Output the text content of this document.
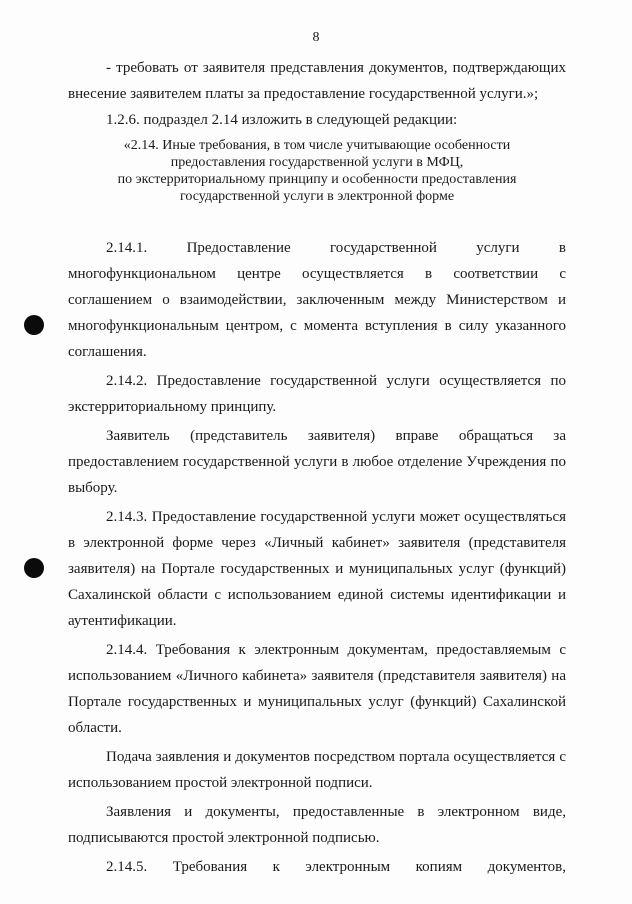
8

- требовать от заявителя представления документов, подтверждающих внесение заявителем платы за предоставление государственной услуги.»;

1.2.6. подраздел 2.14 изложить в следующей редакции:

«2.14. Иные требования, в том числе учитывающие особенности
предоставления государственной услуги в МФЦ,
по экстерриториальному принципу и особенности предоставления
государственной услуги в электронной форме

2.14.1. Предоставление государственной услуги в многофункциональном центре осуществляется в соответствии с соглашением о взаимодействии, заключенным между Министерством и многофункциональным центром, с момента вступления в силу указанного соглашения.

2.14.2. Предоставление государственной услуги осуществляется по экстерриториальному принципу.

Заявитель (представитель заявителя) вправе обращаться за предоставлением государственной услуги в любое отделение Учреждения по выбору.

2.14.3. Предоставление государственной услуги может осуществляться в электронной форме через «Личный кабинет» заявителя (представителя заявителя) на Портале государственных и муниципальных услуг (функций) Сахалинской области с использованием единой системы идентификации и аутентификации.

2.14.4. Требования к электронным документам, предоставляемым с использованием «Личного кабинета» заявителя (представителя заявителя) на Портале государственных и муниципальных услуг (функций) Сахалинской области.

Подача заявления и документов посредством портала осуществляется с использованием простой электронной подписи.

Заявления и документы, предоставленные в электронном виде, подписываются простой электронной подписью.

2.14.5. Требования к электронным копиям документов,
